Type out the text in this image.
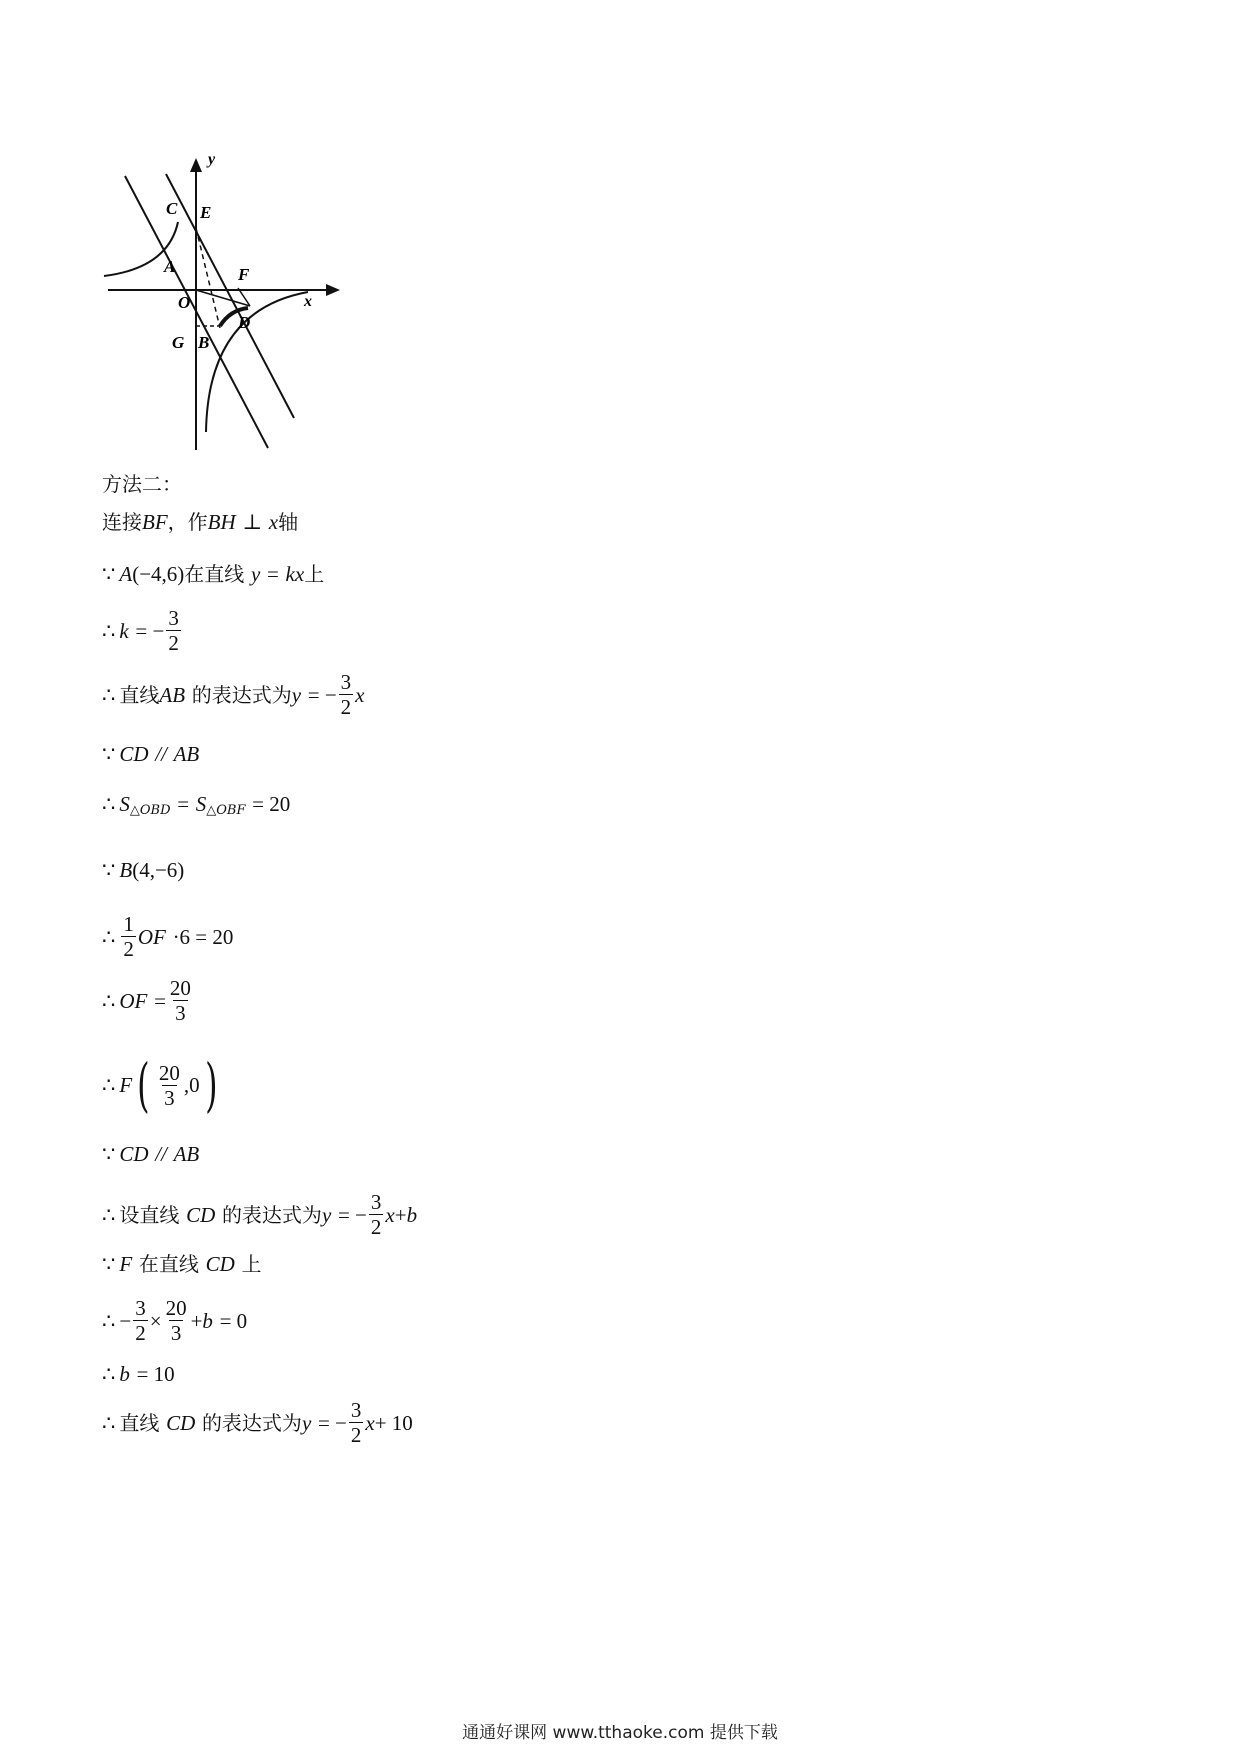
y
x
C E
A	F
O
D
G B
方法二：
连接 BF ，作 BH
⊥
x 轴
∵ A (−4,6) 在直线
y
=
kx 上
∴ k
= − $\frac{3}{2}$
∴ 直线 AB
的表达式为 y
= − $\frac{3}{2}$ x
∵ CD
//
AB
∴ S △OBD
=
S △OBF
= 20
∵ B (4,−6)
∴ $\frac{1}{2}$ OF
·6 = 20
∴ OF
= $\frac{20}{3}$
∴ F ( $\frac{20}{3} ,0$ )
∵ CD
//
AB
∴ 设直线
CD
的表达式为 y
= − $\frac{3}{2}$ x + b
∵ F
在直线
CD
上
∴ − $\frac{3}{2} \times \frac{20}{3} + b$
= 0
∴ b
= 10
∴ 直线
CD
的表达式为 y
= − $\frac{3}{2}$ x + 10
通通好课网 www.tthaoke.com 提供下载
